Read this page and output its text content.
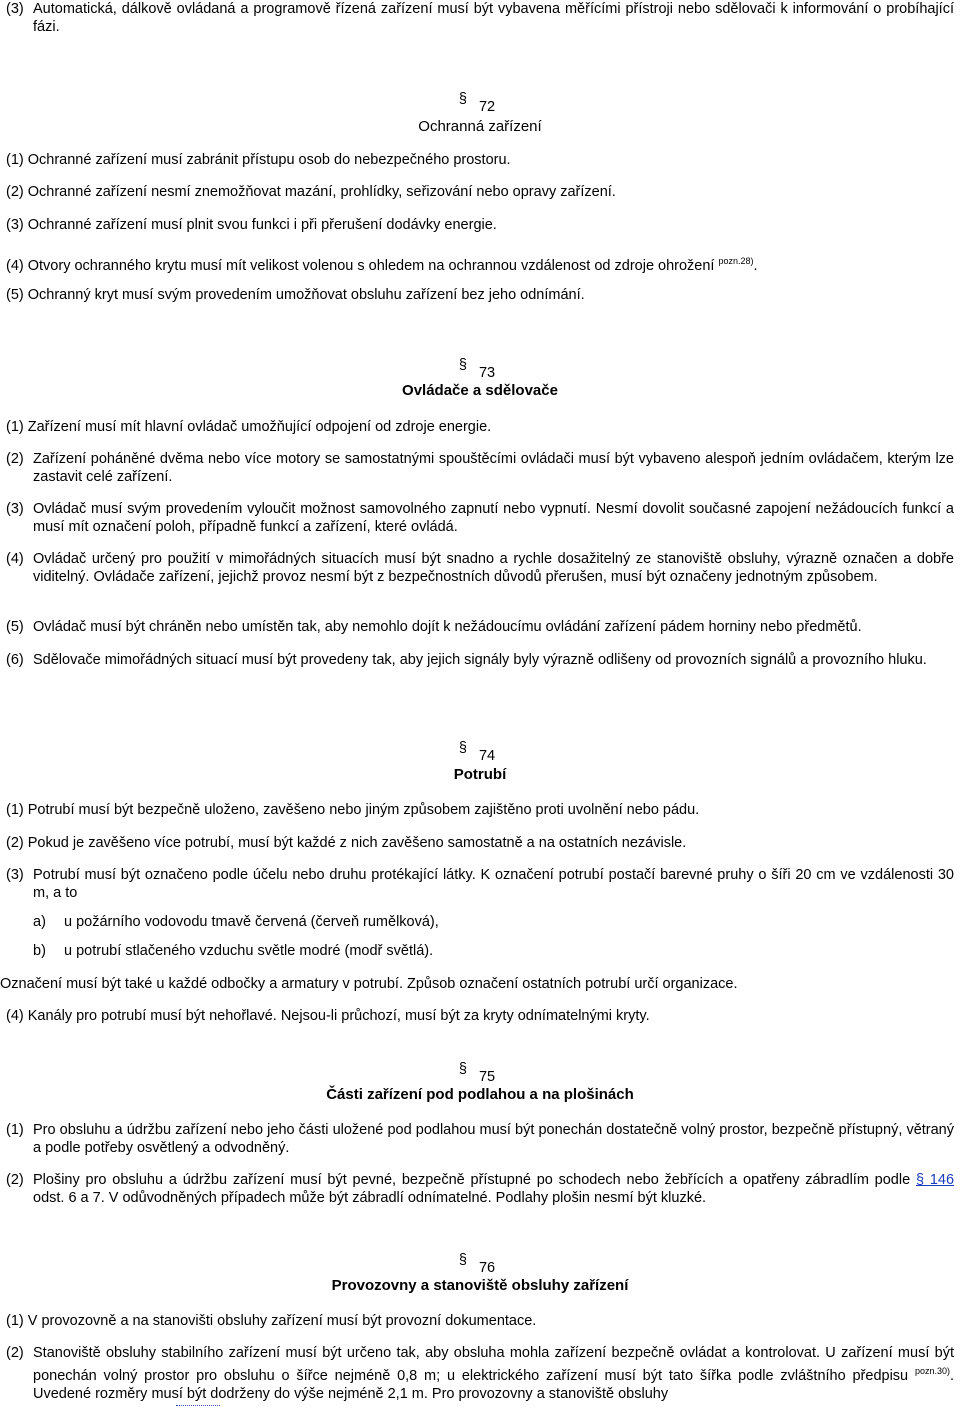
(3) Automatická, dálkově ovládaná a programově řízená zařízení musí být vybavena měřícími přístroji nebo sdělovači k informování o probíhající fázi.
§ 72
Ochranná zařízení
(1) Ochranné zařízení musí zabránit přístupu osob do nebezpečného prostoru.
(2) Ochranné zařízení nesmí znemožňovat mazání, prohlídky, seřizování nebo opravy zařízení.
(3) Ochranné zařízení musí plnit svou funkci i při přerušení dodávky energie.
(4) Otvory ochranného krytu musí mít velikost volenou s ohledem na ochrannou vzdálenost od zdroje ohrožení $^{pozn.28)}$.
(5) Ochranný kryt musí svým provedením umožňovat obsluhu zařízení bez jeho odnímání.
§ 73
Ovládače a sdělovače
(1) Zařízení musí mít hlavní ovládač umožňující odpojení od zdroje energie.
(2) Zařízení poháněné dvěma nebo více motory se samostatnými spouštěcími ovládači musí být vybaveno alespoň jedním ovládačem, kterým lze zastavit celé zařízení.
(3) Ovládač musí svým provedením vyloučit možnost samovolného zapnutí nebo vypnutí. Nesmí dovolit současné zapojení nežádoucích funkcí a musí mít označení poloh, případně funkcí a zařízení, které ovládá.
(4) Ovládač určený pro použití v mimořádných situacích musí být snadno a rychle dosažitelný ze stanoviště obsluhy, výrazně označen a dobře viditelný. Ovládače zařízení, jejichž provoz nesmí být z bezpečnostních důvodů přerušen, musí být označeny jednotným způsobem.
(5) Ovládač musí být chráněn nebo umístěn tak, aby nemohlo dojít k nežádoucímu ovládání zařízení pádem horniny nebo předmětů.
(6) Sdělovače mimořádných situací musí být provedeny tak, aby jejich signály byly výrazně odlišeny od provozních signálů a provozního hluku.
§ 74
Potrubí
(1) Potrubí musí být bezpečně uloženo, zavěšeno nebo jiným způsobem zajištěno proti uvolnění nebo pádu.
(2) Pokud je zavěšeno více potrubí, musí být každé z nich zavěšeno samostatně a na ostatních nezávisle.
(3) Potrubí musí být označeno podle účelu nebo druhu protékající látky. K označení potrubí postačí barevné pruhy o šíři 20 cm ve vzdálenosti 30 m, a to
a) u požárního vodovodu tmavě červená (červeň rumělková),
b) u potrubí stlačeného vzduchu světle modré (modř světlá).
Označení musí být také u každé odbočky a armatury v potrubí. Způsob označení ostatních potrubí určí organizace.
(4) Kanály pro potrubí musí být nehořlavé. Nejsou-li průchozí, musí být za kryty odnímatelnými kryty.
§ 75
Části zařízení pod podlahou a na plošinách
(1) Pro obsluhu a údržbu zařízení nebo jeho části uložené pod podlahou musí být ponechán dostatečně volný prostor, bezpečně přístupný, větraný a podle potřeby osvětlený a odvodněný.
(2) Plošiny pro obsluhu a údržbu zařízení musí být pevné, bezpečně přístupné po schodech nebo žebřících a opatřeny zábradlím podle § 146 odst. 6 a 7. V odůvodněných případech může být zábradlí odnímatelné. Podlahy plošin nesmí být kluzké.
§ 76
Provozovny a stanoviště obsluhy zařízení
(1) V provozovně a na stanovišti obsluhy zařízení musí být provozní dokumentace.
(2) Stanoviště obsluhy stabilního zařízení musí být určeno tak, aby obsluha mohla zařízení bezpečně ovládat a kontrolovat. U zařízení musí být ponechán volný prostor pro obsluhu o šířce nejméně 0,8 m; u elektrického zařízení musí být tato šířka podle zvláštního předpisu $^{pozn.30)}$. Uvedené rozměry musí být dodrženy do výše nejméně 2,1 m. Pro provozovny a stanoviště obsluhy
